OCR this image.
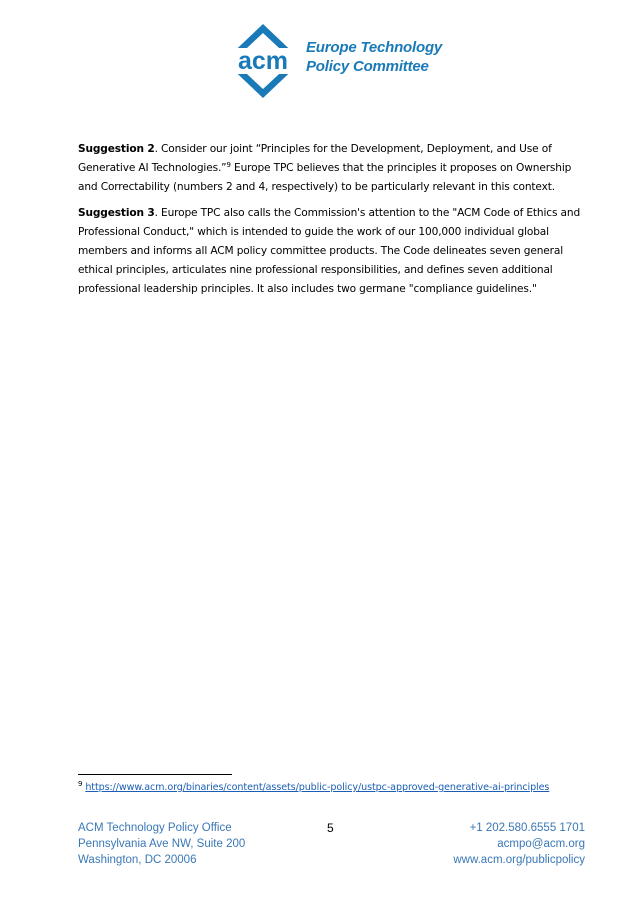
acm Europe Technology
Policy Committee

Suggestion 2. Consider our joint “Principles for the Development, Deployment, and Use of Generative AI Technologies.”$^9$ Europe TPC believes that the principles it proposes on Ownership and Correctability (numbers 2 and 4, respectively) to be particularly relevant in this context.

Suggestion 3. Europe TPC also calls the Commission's attention to the "ACM Code of Ethics and Professional Conduct," which is intended to guide the work of our 100,000 individual global members and informs all ACM policy committee products. The Code delineates seven general ethical principles, articulates nine professional responsibilities, and defines seven additional professional leadership principles. It also includes two germane "compliance guidelines."

$^9$ https://www.acm.org/binaries/content/assets/public-policy/ustpc-approved-generative-ai-principles
ACM Technology Policy Office
Pennsylvania Ave NW, Suite 200
Washington, DC 20006
5	+1 202.580.6555 1701
acmpo@acm.org
www.acm.org/publicpolicy
